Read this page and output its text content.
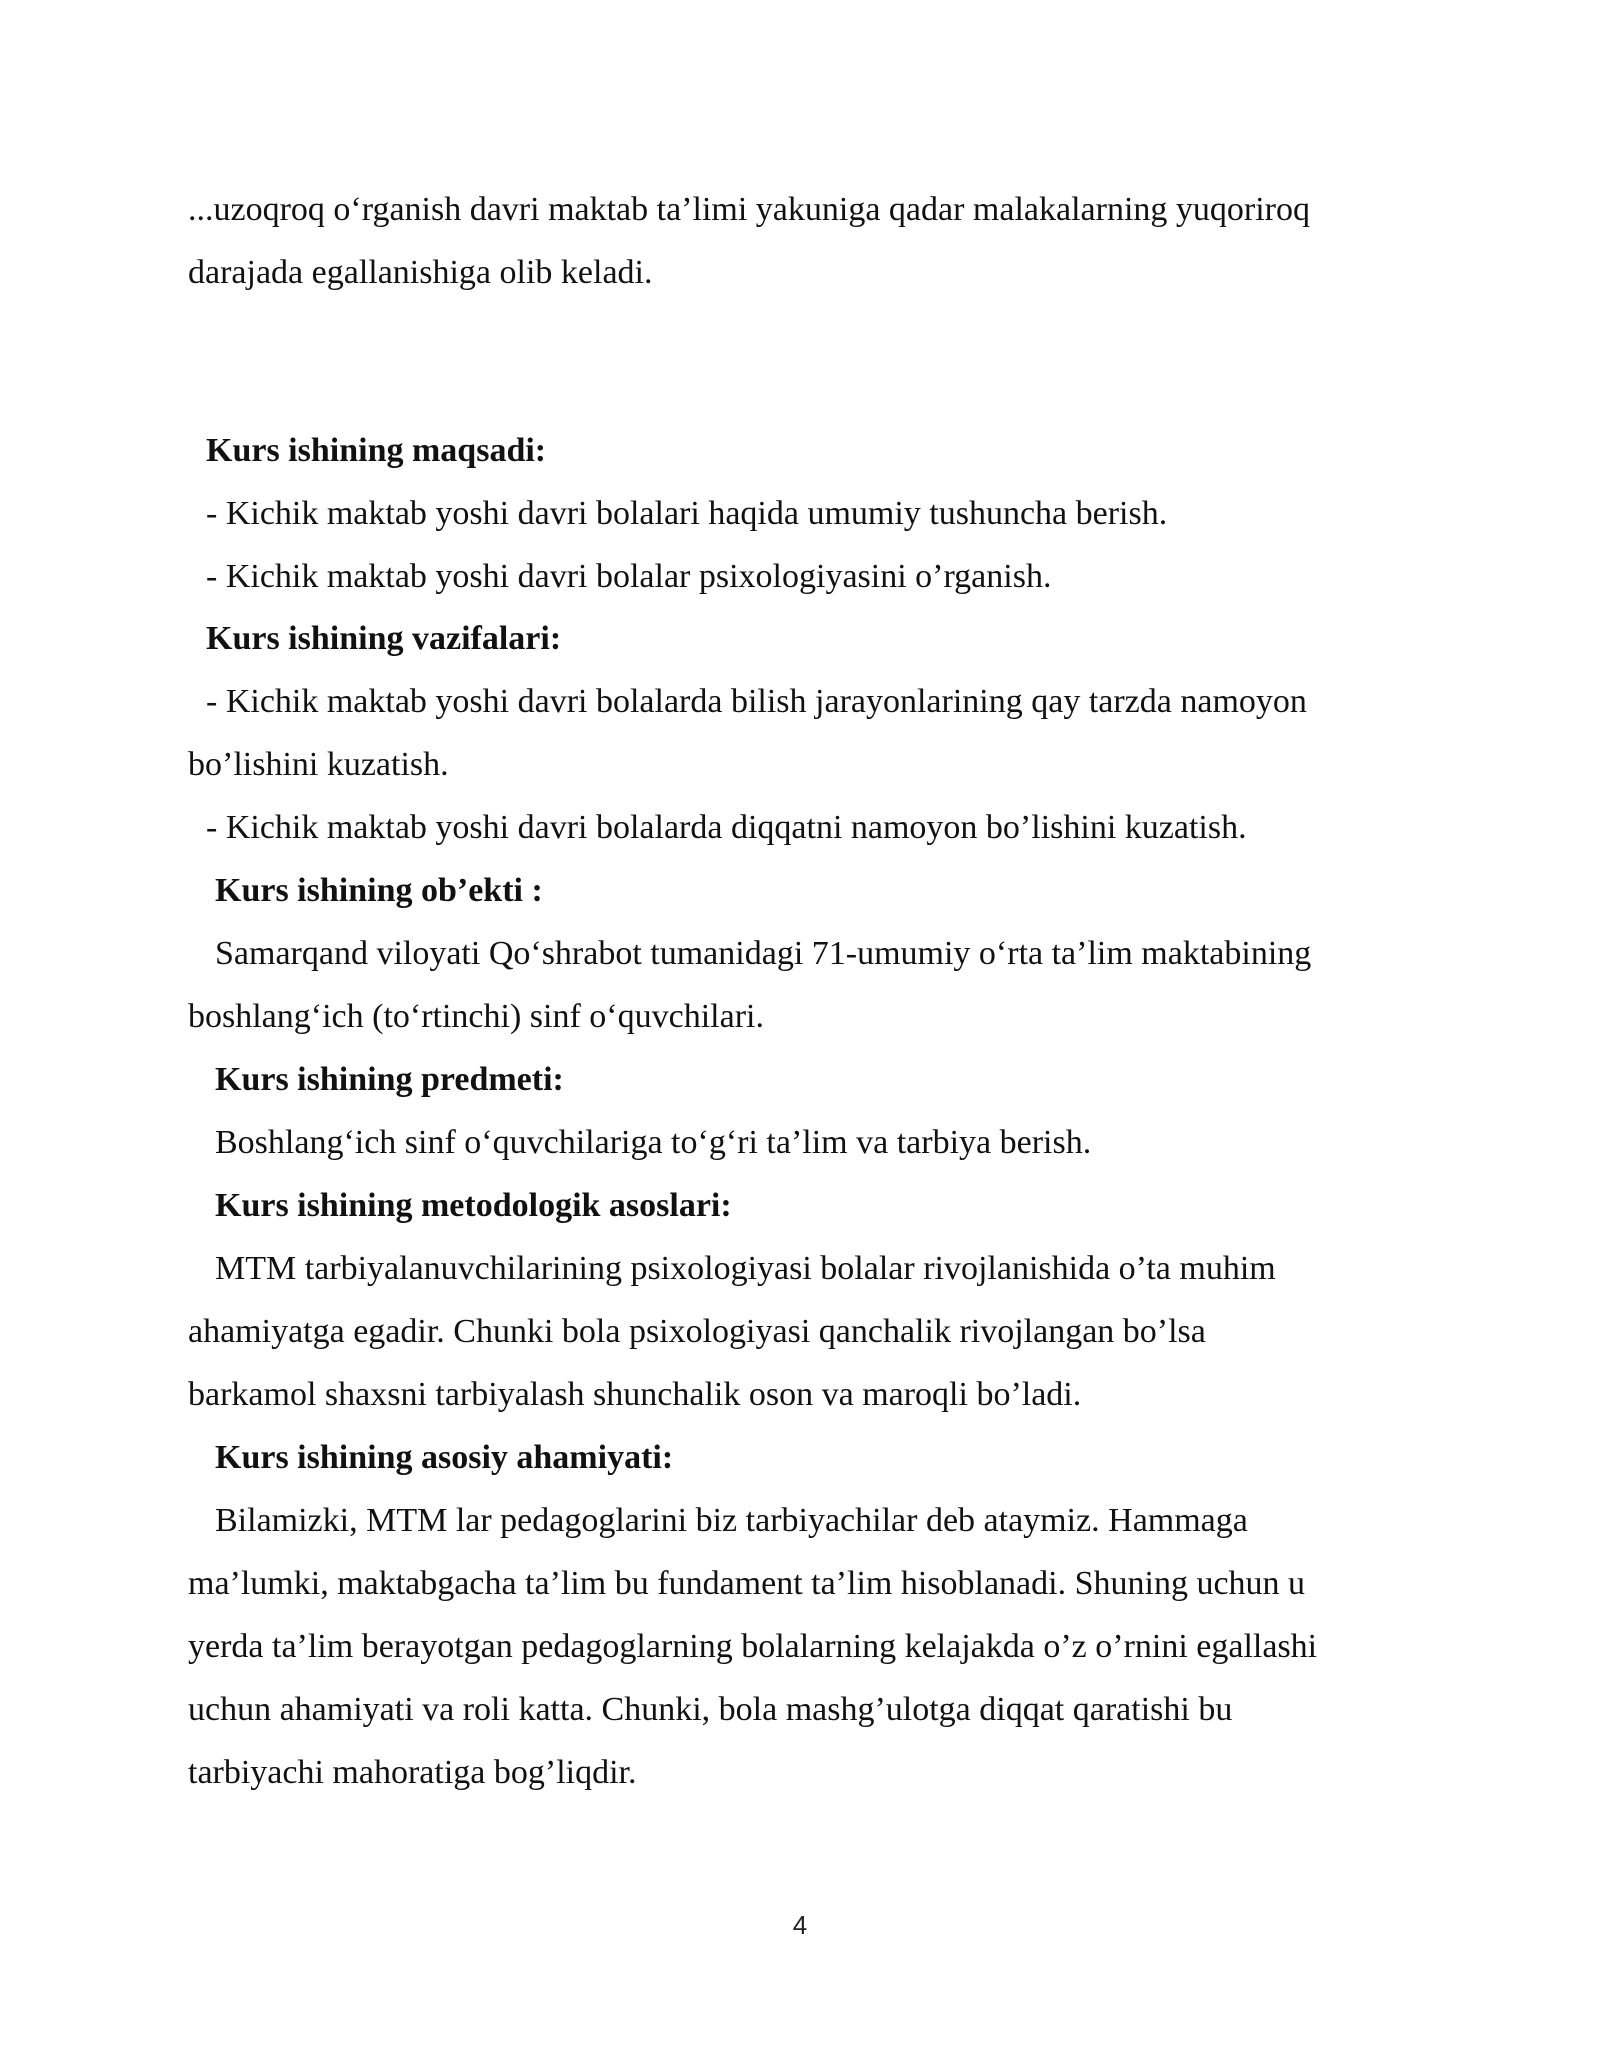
...uzoqroq o‘rganish davri maktab ta’limi yakuniga qadar malakalarning yuqoriroq
darajada egallanishiga olib keladi.
Kurs ishining maqsadi:
- Kichik maktab yoshi davri bolalari haqida umumiy tushuncha berish.
- Kichik maktab yoshi davri bolalar psixologiyasini o’rganish.
Kurs ishining vazifalari:
- Kichik maktab yoshi davri bolalarda bilish jarayonlarining qay tarzda namoyon
bo’lishini kuzatish.
- Kichik maktab yoshi davri bolalarda diqqatni namoyon bo’lishini kuzatish.
Kurs ishining ob’ekti :
Samarqand viloyati Qo‘shrabot tumanidagi 71-umumiy o‘rta ta’lim maktabining
boshlang‘ich (to‘rtinchi) sinf o‘quvchilari.
Kurs ishining predmeti:
Boshlang‘ich sinf o‘quvchilariga to‘g‘ri ta’lim va tarbiya berish.
Kurs ishining metodologik asoslari:
MTM tarbiyalanuvchilarining psixologiyasi bolalar rivojlanishida o’ta muhim
ahamiyatga egadir. Chunki bola psixologiyasi qanchalik rivojlangan bo’lsa
barkamol shaxsni tarbiyalash shunchalik oson va maroqli bo’ladi.
Kurs ishining asosiy ahamiyati:
Bilamizki, MTM lar pedagoglarini biz tarbiyachilar deb ataymiz. Hammaga
ma’lumki, maktabgacha ta’lim bu fundament ta’lim hisoblanadi. Shuning uchun u
yerda ta’lim berayotgan pedagoglarning bolalarning kelajakda o’z o’rnini egallashi
uchun ahamiyati va roli katta. Chunki, bola mashg’ulotga diqqat qaratishi bu
tarbiyachi mahoratiga bog’liqdir.
4
